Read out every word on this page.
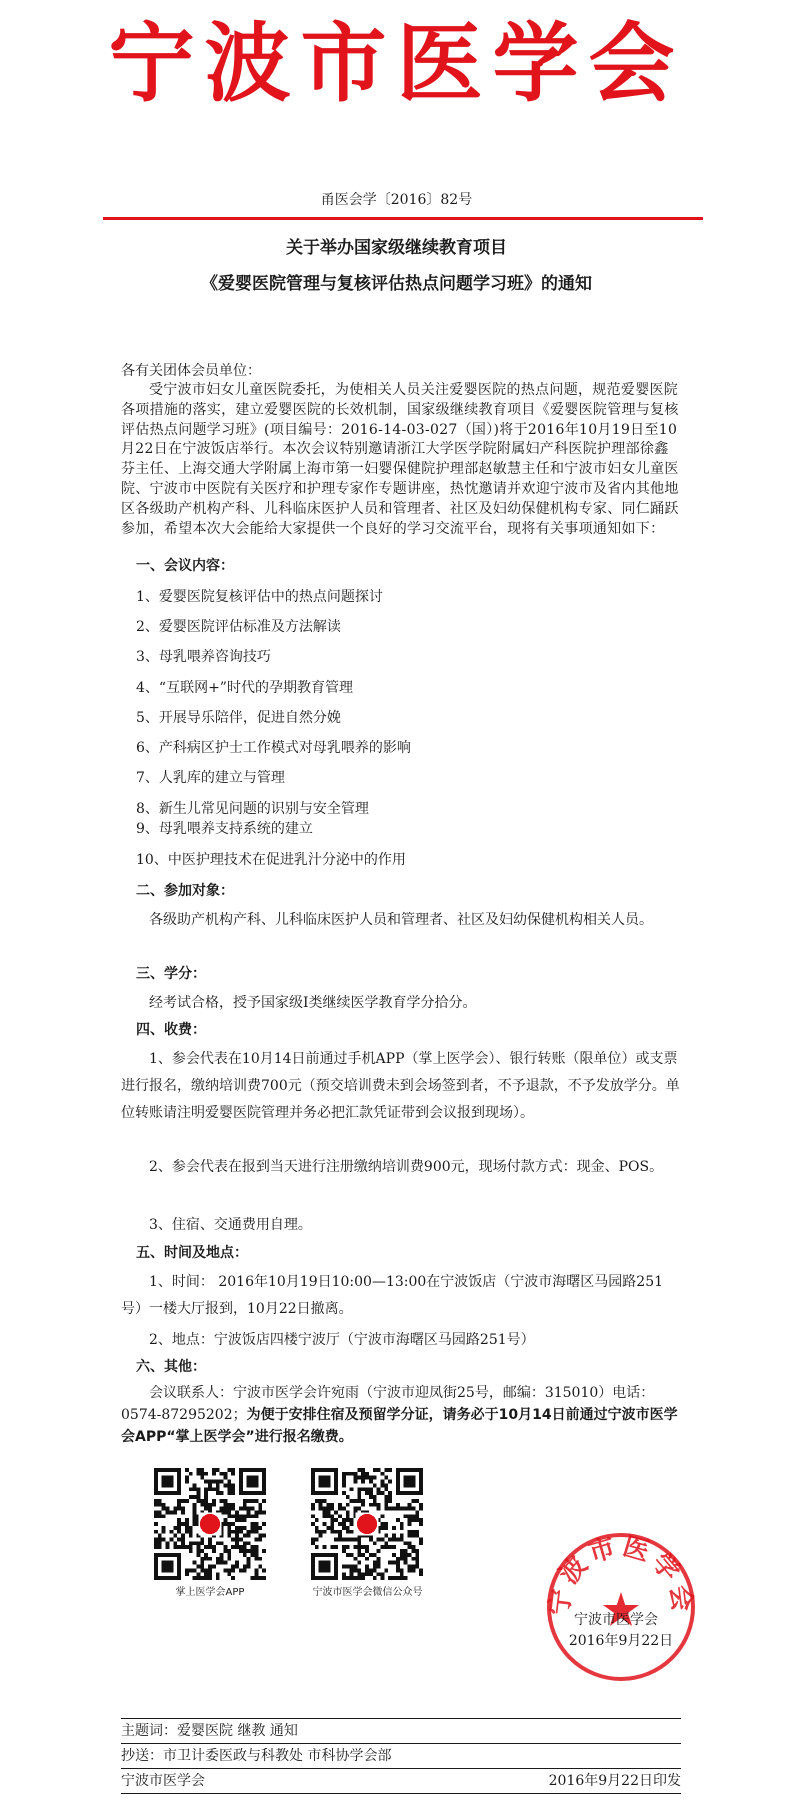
宁波市医学会
甬医会学〔2016〕82号
关于举办国家级继续教育项目
《爱婴医院管理与复核评估热点问题学习班》的通知

各有关团体会员单位：

受宁波市妇女儿童医院委托，为使相关人员关注爱婴医院的热点问题，规范爱婴医院各项措施的落实，建立爱婴医院的长效机制，国家级继续教育项目《爱婴医院管理与复核评估热点问题学习班》(项目编号：2016-14-03-027（国）)将于2016年10月19日至10月22日在宁波饭店举行。本次会议特别邀请浙江大学医学院附属妇产科医院护理部徐鑫芬主任、上海交通大学附属上海市第一妇婴保健院护理部赵敏慧主任和宁波市妇女儿童医院、宁波市中医院有关医疗和护理专家作专题讲座，热忱邀请并欢迎宁波市及省内其他地区各级助产机构产科、儿科临床医护人员和管理者、社区及妇幼保健机构专家、同仁踊跃参加，希望本次大会能给大家提供一个良好的学习交流平台，现将有关事项通知如下：

一、会议内容：
1、爱婴医院复核评估中的热点问题探讨
2、爱婴医院评估标准及方法解读
3、母乳喂养咨询技巧
4、“互联网+”时代的孕期教育管理
5、开展导乐陪伴，促进自然分娩
6、产科病区护士工作模式对母乳喂养的影响
7、人乳库的建立与管理
8、新生儿常见问题的识别与安全管理
9、母乳喂养支持系统的建立
10、中医护理技术在促进乳汁分泌中的作用
二、参加对象：

各级助产机构产科、儿科临床医护人员和管理者、社区及妇幼保健机构相关人员。

三、学分：

经考试合格，授予国家级Ⅰ类继续医学教育学分拾分。

四、收费：

1、参会代表在10月14日前通过手机APP（掌上医学会）、银行转账（限单位）或支票进行报名，缴纳培训费700元（预交培训费未到会场签到者，不予退款，不予发放学分。单位转账请注明爱婴医院管理并务必把汇款凭证带到会议报到现场）。

2、参会代表在报到当天进行注册缴纳培训费900元，现场付款方式：现金、POS。

3、住宿、交通费用自理。

五、时间及地点：

1、时间： 2016年10月19日10:00—13:00在宁波饭店（宁波市海曙区马园路251号）一楼大厅报到，10月22日撤离。

2、地点：宁波饭店四楼宁波厅（宁波市海曙区马园路251号）

六、其他：

会议联系人：宁波市医学会许宛雨（宁波市迎凤街25号，邮编：315010）电话：0574-87295202；为便于安排住宿及预留学分证，请务必于10月14日前通过宁波市医学会APP“掌上医学会”进行报名缴费。

掌上医学会APP	宁波市医学会微信公众号	宁波市医学会
宁波市医学会
2016年9月22日
主题词：爱婴医院 继教 通知
抄送：市卫计委医政与科教处 市科协学会部
宁波市医学会	2016年9月22日印发
